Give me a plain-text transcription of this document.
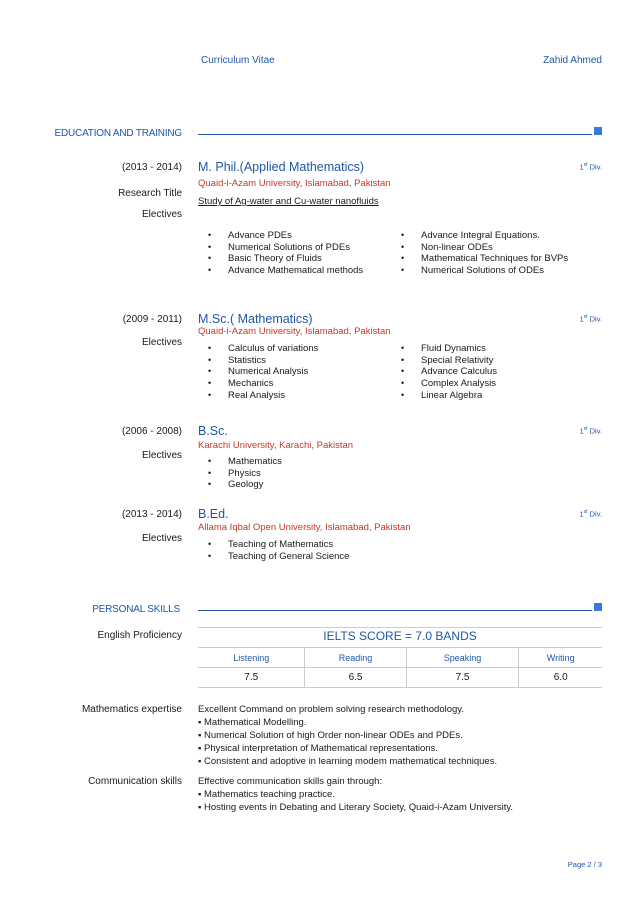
Curriculum Vitae	Zahid Ahmed
EDUCATION AND TRAINING
(2013 - 2014) M. Phil.(Applied Mathematics)	1st Div.
Quaid-i-Azam University, Islamabad, Pakistan
Research Title
Study of Ag-water and Cu-water nanofluids
Electives
• Advance PDEs
• Numerical Solutions of PDEs
• Basic Theory of Fluids
• Advance Mathematical methods
• Advance Integral Equations.
• Non-linear ODEs
• Mathematical Techniques for BVPs
• Numerical Solutions of ODEs
(2009 - 2011) M.Sc.( Mathematics)	1st Div.
Quaid-i-Azam University, Islamabad, Pakistan
Electives
• Calculus of variations
• Statistics
• Numerical Analysis
• Mechanics
• Real Analysis
• Fluid Dynamics
• Special Relativity
• Advance Calculus
• Complex Analysis
• Linear Algebra
(2006 - 2008) B.Sc.	1st Div.
Karachi University, Karachi, Pakistan
Electives
• Mathematics
• Physics
• Geology
(2013 - 2014) B.Ed.	1st Div.
Allama Iqbal Open University, Islamabad, Pakistan
Electives
• Teaching of Mathematics
• Teaching of General Science
PERSONAL SKILLS
English Proficiency	IELTS SCORE = 7.0 BANDS
Listening	Reading	Speaking	Writing
7.5	6.5	7.5	6.0
Mathematics expertise Excellent Command on problem solving research methodology.
▪ Mathematical Modelling.
▪ Numerical Solution of high Order non-linear ODEs and PDEs.
▪ Physical interpretation of Mathematical representations.
▪ Consistent and adoptive in learning modem mathematical techniques.
Communication skills Effective communication skills gain through:
▪ Mathematics teaching practice.
▪ Hosting events in Debating and Literary Society, Quaid-i-Azam University.
Page 2 / 3
